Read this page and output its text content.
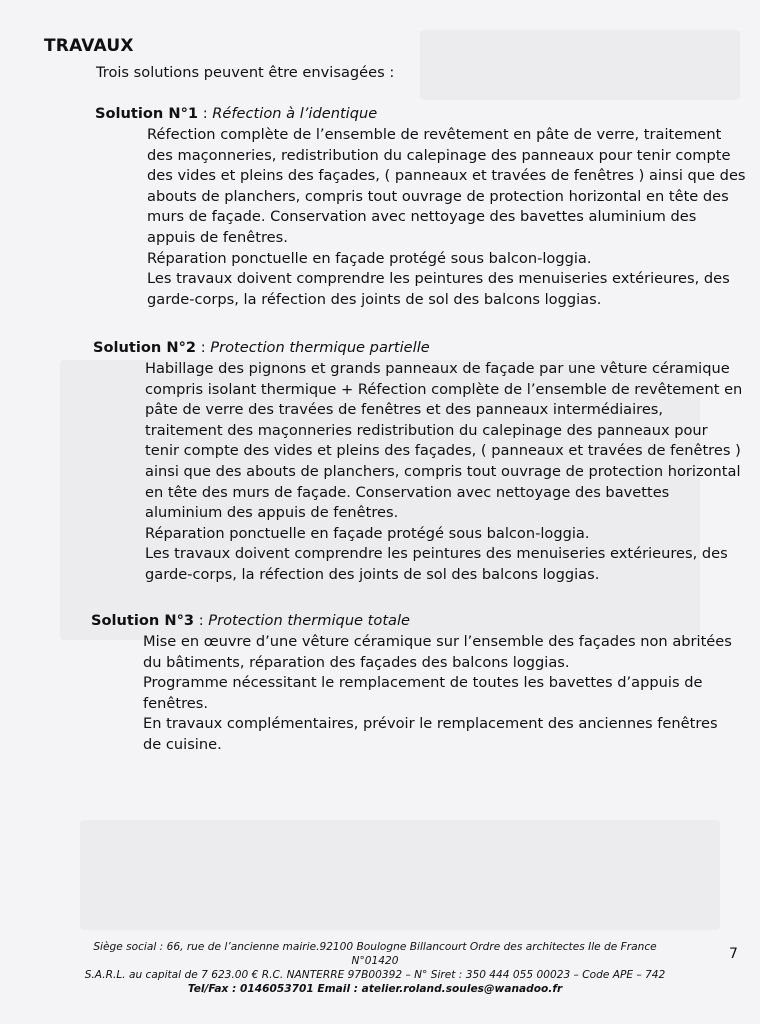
TRAVAUX
Trois solutions peuvent être envisagées :
Solution N°1 : Réfection à l’identique

Réfection complète de l’ensemble de revêtement en pâte de verre, traitement des maçonneries, redistribution du calepinage des panneaux pour tenir compte des vides et pleins des façades, ( panneaux et travées de fenêtres ) ainsi que des abouts de planchers, compris tout ouvrage de protection horizontal en tête des murs de façade. Conservation avec nettoyage des bavettes aluminium des appuis de fenêtres.

Réparation ponctuelle en façade protégé sous balcon-loggia.

Les travaux doivent comprendre les peintures des menuiseries extérieures, des garde-corps, la réfection des joints de sol des balcons loggias.

Solution N°2 : Protection thermique partielle

Habillage des pignons et grands panneaux de façade par une vêture céramique compris isolant thermique + Réfection complète de l’ensemble de revêtement en pâte de verre des travées de fenêtres et des panneaux intermédiaires, traitement des maçonneries redistribution du calepinage des panneaux pour tenir compte des vides et pleins des façades, ( panneaux et travées de fenêtres ) ainsi que des abouts de planchers, compris tout ouvrage de protection horizontal en tête des murs de façade. Conservation avec nettoyage des bavettes aluminium des appuis de fenêtres.

Réparation ponctuelle en façade protégé sous balcon-loggia.

Les travaux doivent comprendre les peintures des menuiseries extérieures, des garde-corps, la réfection des joints de sol des balcons loggias.

Solution N°3 : Protection thermique totale

Mise en œuvre d’une vêture céramique sur l’ensemble des façades non abritées du bâtiments, réparation des façades des balcons loggias.

Programme nécessitant le remplacement de toutes les bavettes d’appuis de fenêtres.

En travaux complémentaires, prévoir le remplacement des anciennes fenêtres de cuisine.

Siège social : 66, rue de l’ancienne mairie.92100 Boulogne Billancourt Ordre des architectes Ile de France N°01420
S.A.R.L. au capital de 7 623.00 € R.C. NANTERRE 97B00392 – N° Siret : 350 444 055 00023 – Code APE – 742
Tel/Fax : 0146053701 Email : atelier.roland.soules@wanadoo.fr
7
